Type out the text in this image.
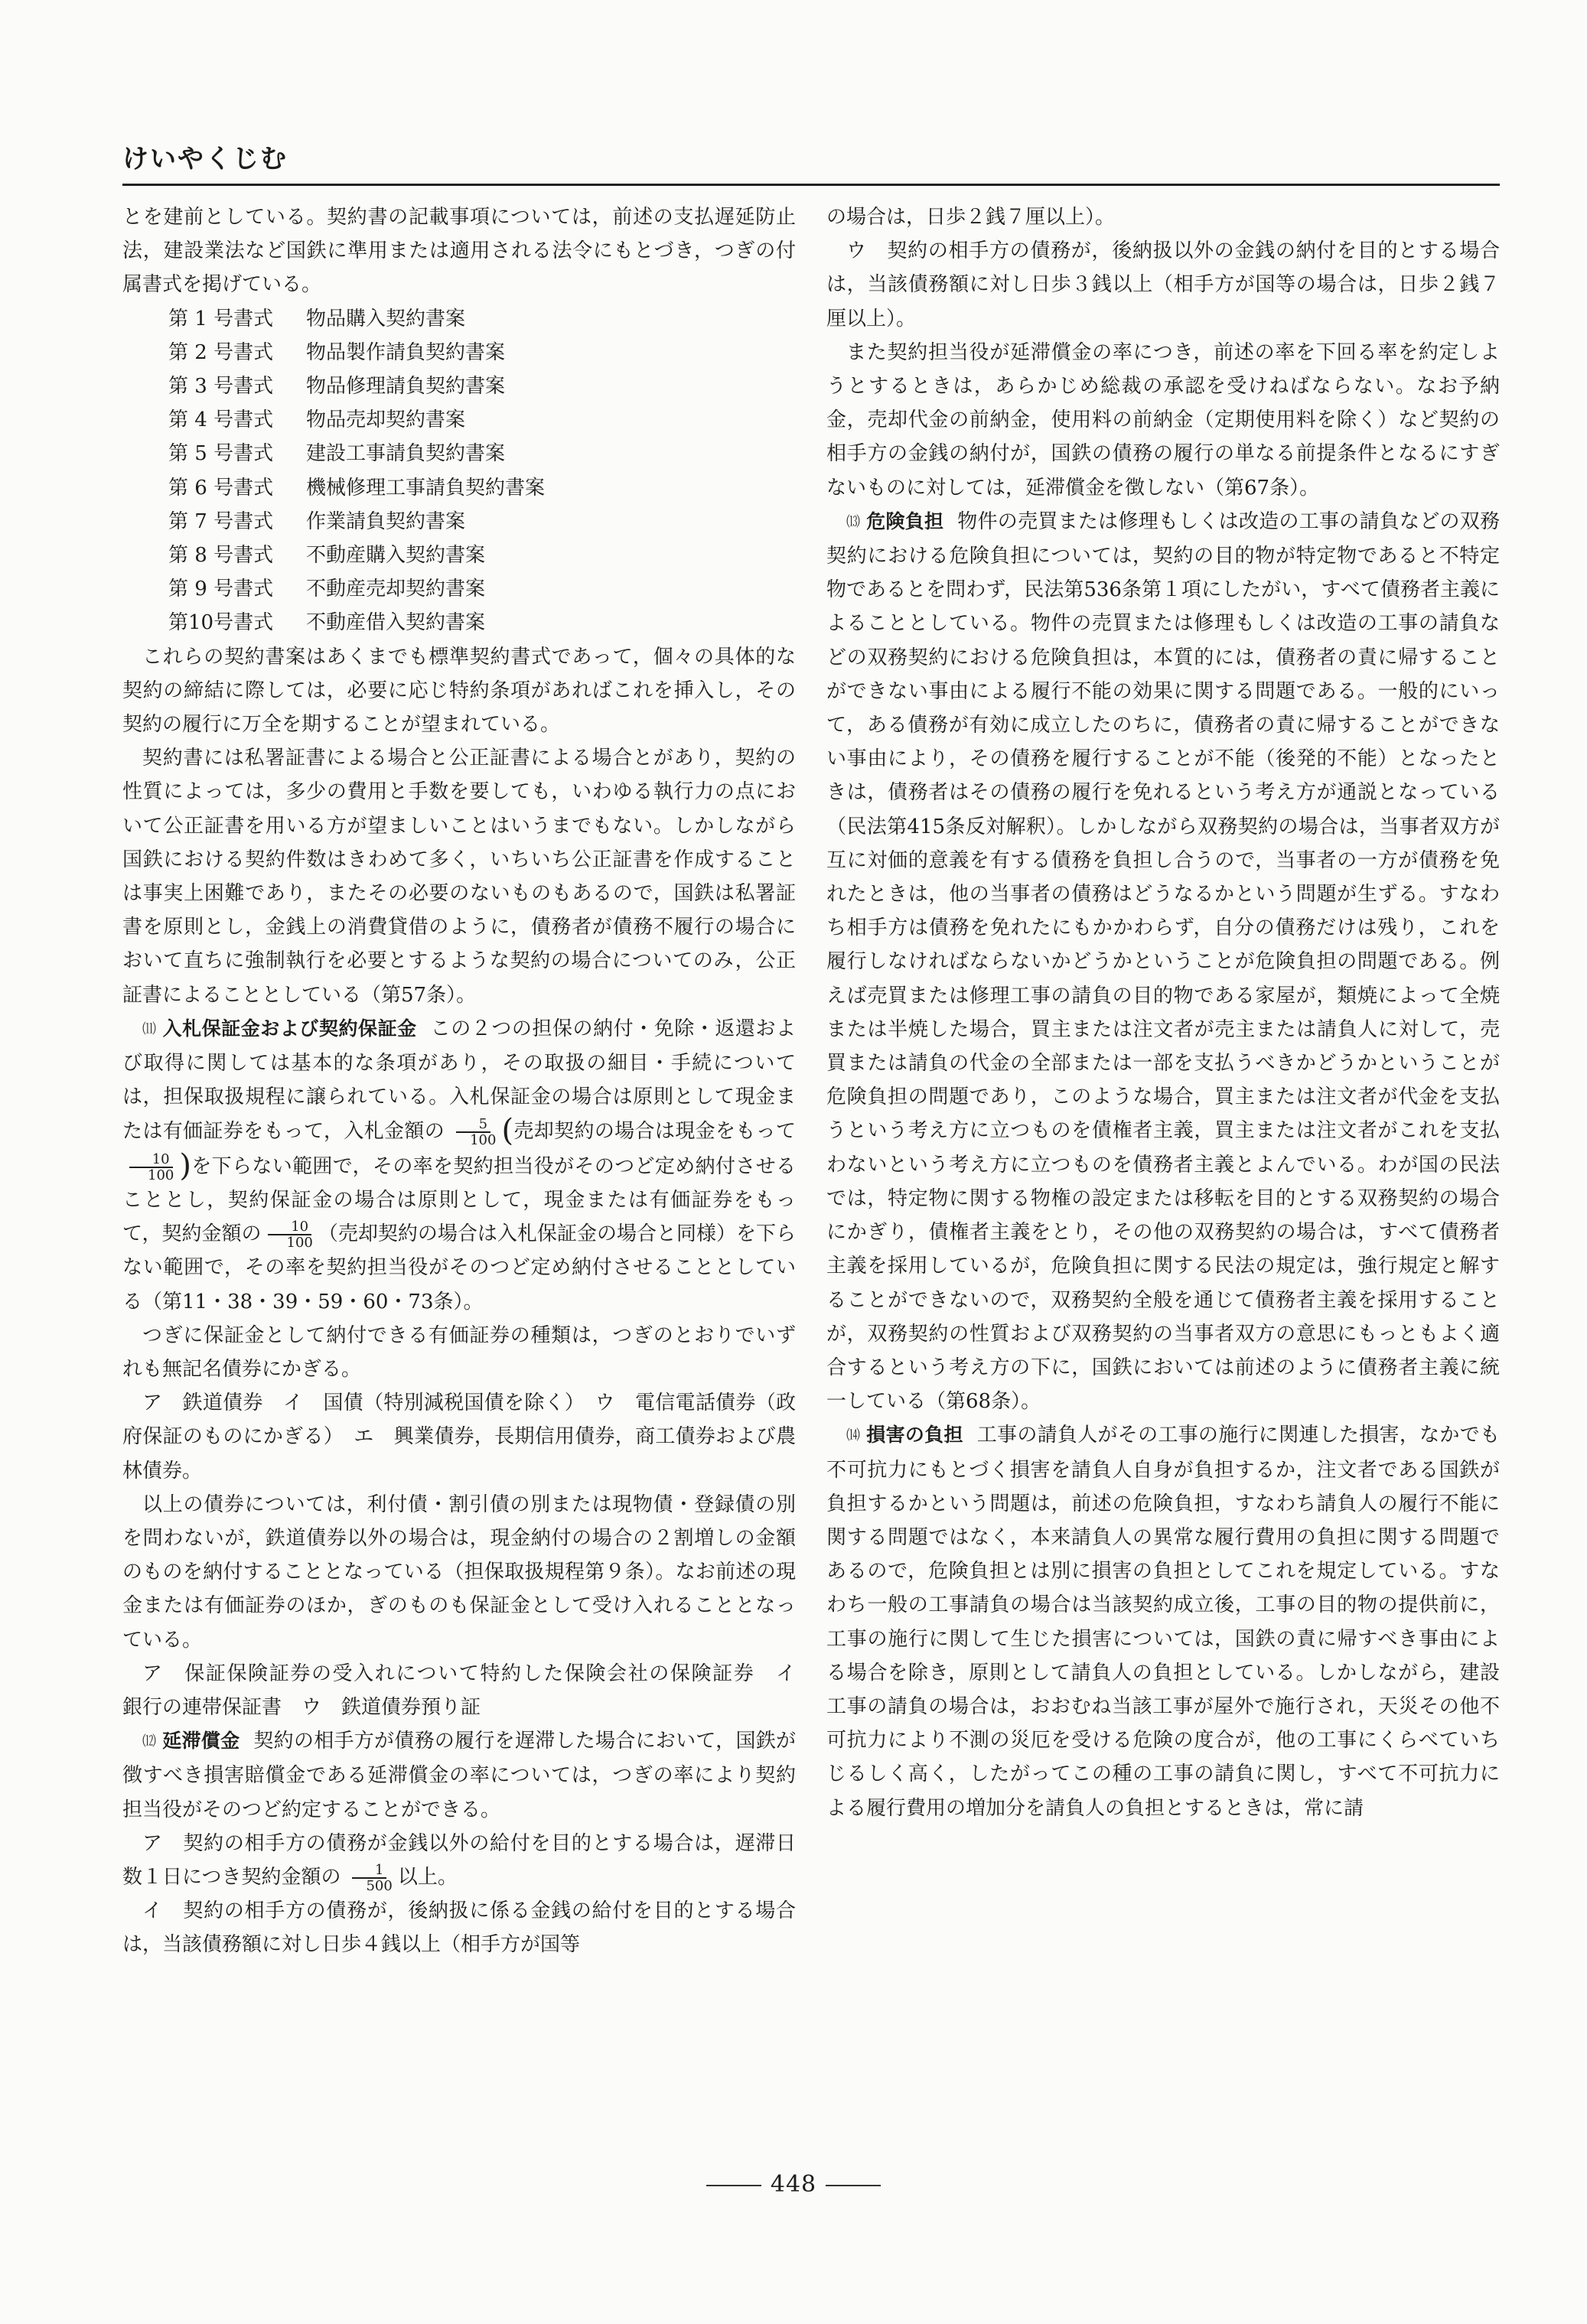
けいやくじむ

とを建前としている。契約書の記載事項については，前述の支払遅延防止法，建設業法など国鉄に準用または適用される法令にもとづき，つぎの付属書式を掲げている。

第 1 号書式 物品購入契約書案

第 2 号書式 物品製作請負契約書案

第 3 号書式 物品修理請負契約書案

第 4 号書式 物品売却契約書案

第 5 号書式 建設工事請負契約書案

第 6 号書式 機械修理工事請負契約書案

第 7 号書式 作業請負契約書案

第 8 号書式 不動産購入契約書案

第 9 号書式 不動産売却契約書案

第10号書式 不動産借入契約書案

これらの契約書案はあくまでも標準契約書式であって，個々の具体的な契約の締結に際しては，必要に応じ特約条項があればこれを挿入し，その契約の履行に万全を期することが望まれている。

契約書には私署証書による場合と公正証書による場合とがあり，契約の性質によっては，多少の費用と手数を要しても，いわゆる執行力の点において公正証書を用いる方が望ましいことはいうまでもない。しかしながら国鉄における契約件数はきわめて多く，いちいち公正証書を作成することは事実上困難であり，またその必要のないものもあるので，国鉄は私署証書を原則とし，金銭上の消費貸借のように，債務者が債務不履行の場合において直ちに強制執行を必要とするような契約の場合についてのみ，公正証書によることとしている（第57条）。

⑾ 入札保証金および契約保証金 この２つの担保の納付・免除・返還および取得に関しては基本的な条項があり，その取扱の細目・手続については，担保取扱規程に譲られている。入札保証金の場合は原則として現金または有価証券をもって，入札金額の $\frac{5}{100}$ (売却契約の場合は現金をもって
$\frac{10}{100}$ )を下らない範囲で，その率を契約担当役がそのつど定め納付させることとし，契約保証金の場合は原則として，現金または有価証券をもって，契約金額の $\frac{10}{100}$ （売却契約の場合は入札保証金の場合と同様）を下らない範囲で，その率を契約担当役がそのつど定め納付させることとしている（第11・38・39・59・60・73条）。

つぎに保証金として納付できる有価証券の種類は，つぎのとおりでいずれも無記名債券にかぎる。

ア　鉄道債券　イ　国債（特別減税国債を除く）　ウ　電信電話債券（政府保証のものにかぎる）　エ　興業債券，長期信用債券，商工債券および農林債券。

以上の債券については，利付債・割引債の別または現物債・登録債の別を問わないが，鉄道債券以外の場合は，現金納付の場合の２割増しの金額のものを納付することとなっている（担保取扱規程第９条）。なお前述の現金または有価証券のほか，ぎのものも保証金として受け入れることとなっている。

ア　保証保険証券の受入れについて特約した保険会社の保険証券　イ　銀行の連帯保証書　ウ　鉄道債券預り証

⑿ 延滞償金 契約の相手方が債務の履行を遅滞した場合において，国鉄が徴すべき損害賠償金である延滞償金の率については，つぎの率により契約担当役がそのつど約定することができる。

ア　契約の相手方の債務が金銭以外の給付を目的とする場合は，遅滞日数１日につき契約金額の $\frac{1}{500}$ 以上。

イ　契約の相手方の債務が，後納扱に係る金銭の給付を目的とする場合は，当該債務額に対し日歩４銭以上（相手方が国等

の場合は，日歩２銭７厘以上）。

ウ　契約の相手方の債務が，後納扱以外の金銭の納付を目的とする場合は，当該債務額に対し日歩３銭以上（相手方が国等の場合は，日歩２銭７厘以上）。

また契約担当役が延滞償金の率につき，前述の率を下回る率を約定しようとするときは，あらかじめ総裁の承認を受けねばならない。なお予納金，売却代金の前納金，使用料の前納金（定期使用料を除く）など契約の相手方の金銭の納付が，国鉄の債務の履行の単なる前提条件となるにすぎないものに対しては，延滞償金を徴しない（第67条）。

⒀ 危険負担 物件の売買または修理もしくは改造の工事の請負などの双務契約における危険負担については，契約の目的物が特定物であると不特定物であるとを問わず，民法第536条第１項にしたがい，すべて債務者主義によることとしている。物件の売買または修理もしくは改造の工事の請負などの双務契約における危険負担は，本質的には，債務者の責に帰することができない事由による履行不能の効果に関する問題である。一般的にいって，ある債務が有効に成立したのちに，債務者の責に帰することができない事由により，その債務を履行することが不能（後発的不能）となったときは，債務者はその債務の履行を免れるという考え方が通説となっている（民法第415条反対解釈）。しかしながら双務契約の場合は，当事者双方が互に対価的意義を有する債務を負担し合うので，当事者の一方が債務を免れたときは，他の当事者の債務はどうなるかという問題が生ずる。すなわち相手方は債務を免れたにもかかわらず，自分の債務だけは残り，これを履行しなければならないかどうかということが危険負担の問題である。例えば売買または修理工事の請負の目的物である家屋が，類焼によって全焼または半焼した場合，買主または注文者が売主または請負人に対して，売買または請負の代金の全部または一部を支払うべきかどうかということが危険負担の問題であり，このような場合，買主または注文者が代金を支払うという考え方に立つものを債権者主義，買主または注文者がこれを支払わないという考え方に立つものを債務者主義とよんでいる。わが国の民法では，特定物に関する物権の設定または移転を目的とする双務契約の場合にかぎり，債権者主義をとり，その他の双務契約の場合は，すべて債務者主義を採用しているが，危険負担に関する民法の規定は，強行規定と解することができないので，双務契約全般を通じて債務者主義を採用することが，双務契約の性質および双務契約の当事者双方の意思にもっともよく適合するという考え方の下に，国鉄においては前述のように債務者主義に統一している（第68条）。

⒁ 損害の負担 工事の請負人がその工事の施行に関連した損害，なかでも不可抗力にもとづく損害を請負人自身が負担するか，注文者である国鉄が負担するかという問題は，前述の危険負担，すなわち請負人の履行不能に関する問題ではなく，本来請負人の異常な履行費用の負担に関する問題であるので，危険負担とは別に損害の負担としてこれを規定している。すなわち一般の工事請負の場合は当該契約成立後，工事の目的物の提供前に，工事の施行に関して生じた損害については，国鉄の責に帰すべき事由による場合を除き，原則として請負人の負担としている。しかしながら，建設工事の請負の場合は，おおむね当該工事が屋外で施行され，天災その他不可抗力により不測の災厄を受ける危険の度合が，他の工事にくらべていちじるしく高く，したがってこの種の工事の請負に関し，すべて不可抗力による履行費用の増加分を請負人の負担とするときは，常に請

448
